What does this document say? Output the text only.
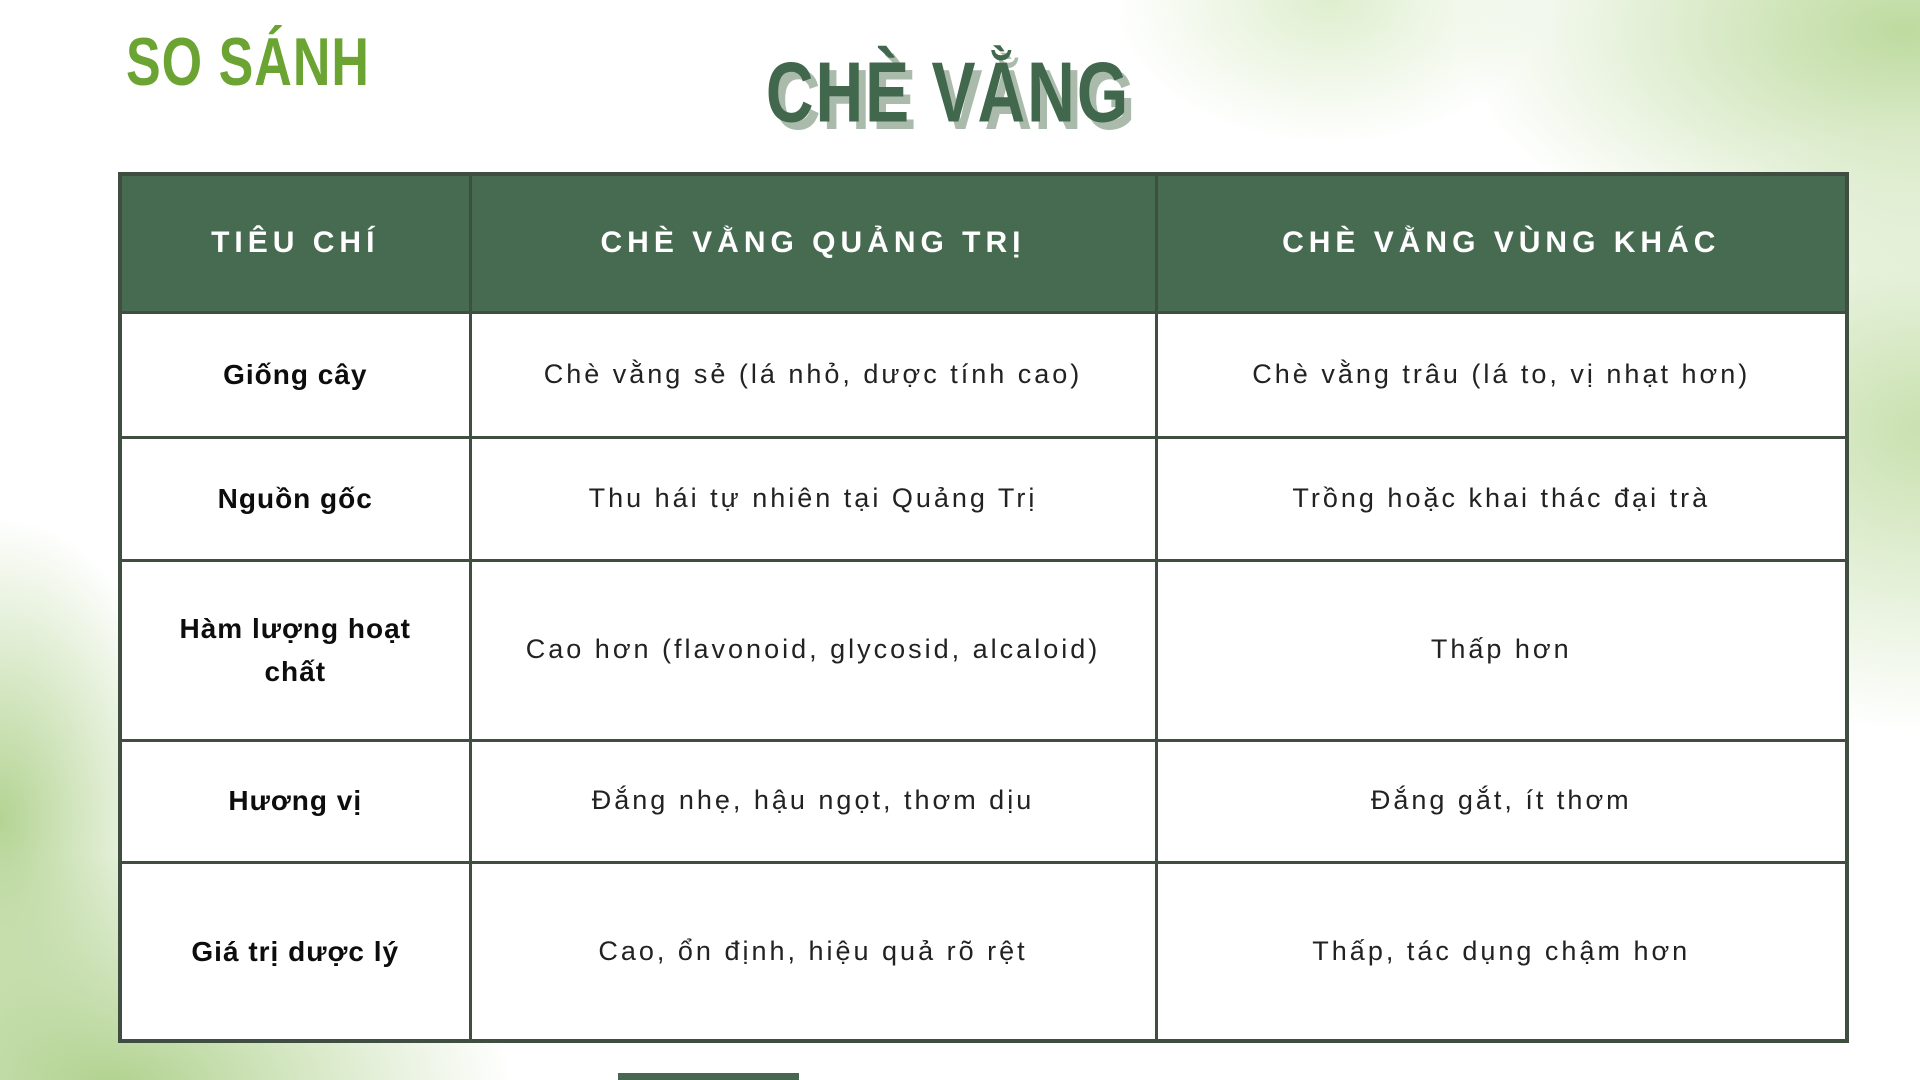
SO SÁNH	CHÈ VẰNG
TIÊU CHÍ	CHÈ VẰNG QUẢNG TRỊ	CHÈ VẰNG VÙNG KHÁC
Giống cây	Chè vằng sẻ (lá nhỏ, dược tính cao)	Chè vằng trâu (lá to, vị nhạt hơn)
Nguồn gốc	Thu hái tự nhiên tại Quảng Trị	Trồng hoặc khai thác đại trà
Hàm lượng hoạt chất	Cao hơn (flavonoid, glycosid, alcaloid)	Thấp hơn
Hương vị	Đắng nhẹ, hậu ngọt, thơm dịu	Đắng gắt, ít thơm
Giá trị dược lý	Cao, ổn định, hiệu quả rõ rệt	Thấp, tác dụng chậm hơn
